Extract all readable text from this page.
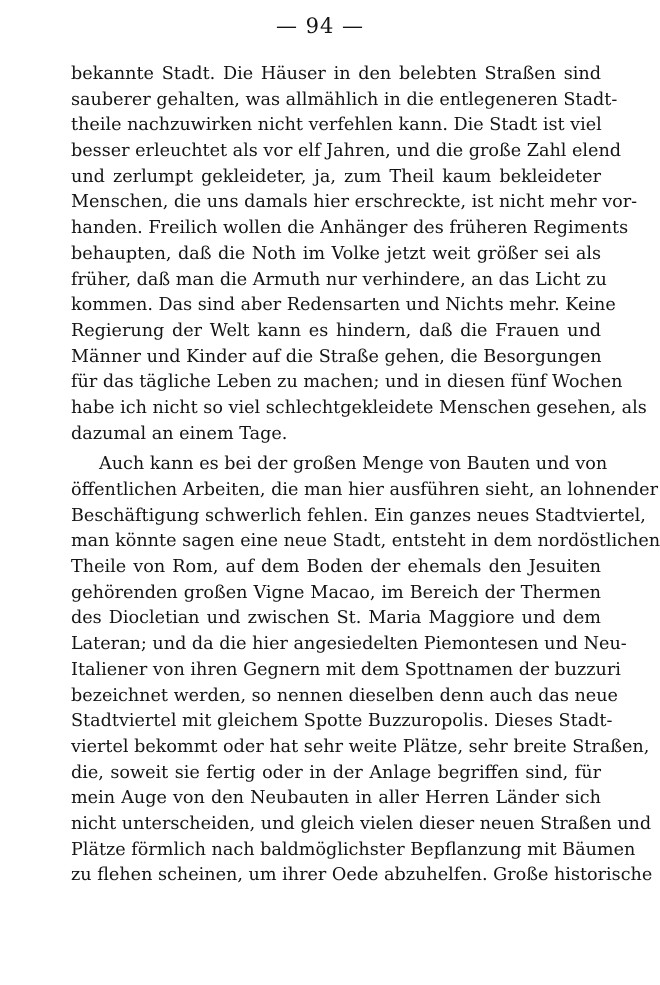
— 94 —
bekannte Stadt. Die Häuser in den belebten Straßen sind
sauberer gehalten, was allmählich in die entlegeneren Stadt-
theile nachzuwirken nicht verfehlen kann. Die Stadt ist viel
besser erleuchtet als vor elf Jahren, und die große Zahl elend
und zerlumpt gekleideter, ja, zum Theil kaum bekleideter
Menschen, die uns damals hier erschreckte, ist nicht mehr vor-
handen. Freilich wollen die Anhänger des früheren Regiments
behaupten, daß die Noth im Volke jetzt weit größer sei als
früher, daß man die Armuth nur verhindere, an das Licht zu
kommen. Das sind aber Redensarten und Nichts mehr. Keine
Regierung der Welt kann es hindern, daß die Frauen und
Männer und Kinder auf die Straße gehen, die Besorgungen
für das tägliche Leben zu machen; und in diesen fünf Wochen
habe ich nicht so viel schlechtgekleidete Menschen gesehen, als
dazumal an einem Tage.
Auch kann es bei der großen Menge von Bauten und von
öffentlichen Arbeiten, die man hier ausführen sieht, an lohnender
Beschäftigung schwerlich fehlen. Ein ganzes neues Stadtviertel,
man könnte sagen eine neue Stadt, entsteht in dem nordöstlichen
Theile von Rom, auf dem Boden der ehemals den Jesuiten
gehörenden großen Vigne Macao, im Bereich der Thermen
des Diocletian und zwischen St. Maria Maggiore und dem
Lateran; und da die hier angesiedelten Piemontesen und Neu-
Italiener von ihren Gegnern mit dem Spottnamen der buzzuri
bezeichnet werden, so nennen dieselben denn auch das neue
Stadtviertel mit gleichem Spotte Buzzuropolis. Dieses Stadt-
viertel bekommt oder hat sehr weite Plätze, sehr breite Straßen,
die, soweit sie fertig oder in der Anlage begriffen sind, für
mein Auge von den Neubauten in aller Herren Länder sich
nicht unterscheiden, und gleich vielen dieser neuen Straßen und
Plätze förmlich nach baldmöglichster Bepflanzung mit Bäumen
zu flehen scheinen, um ihrer Oede abzuhelfen. Große historische
